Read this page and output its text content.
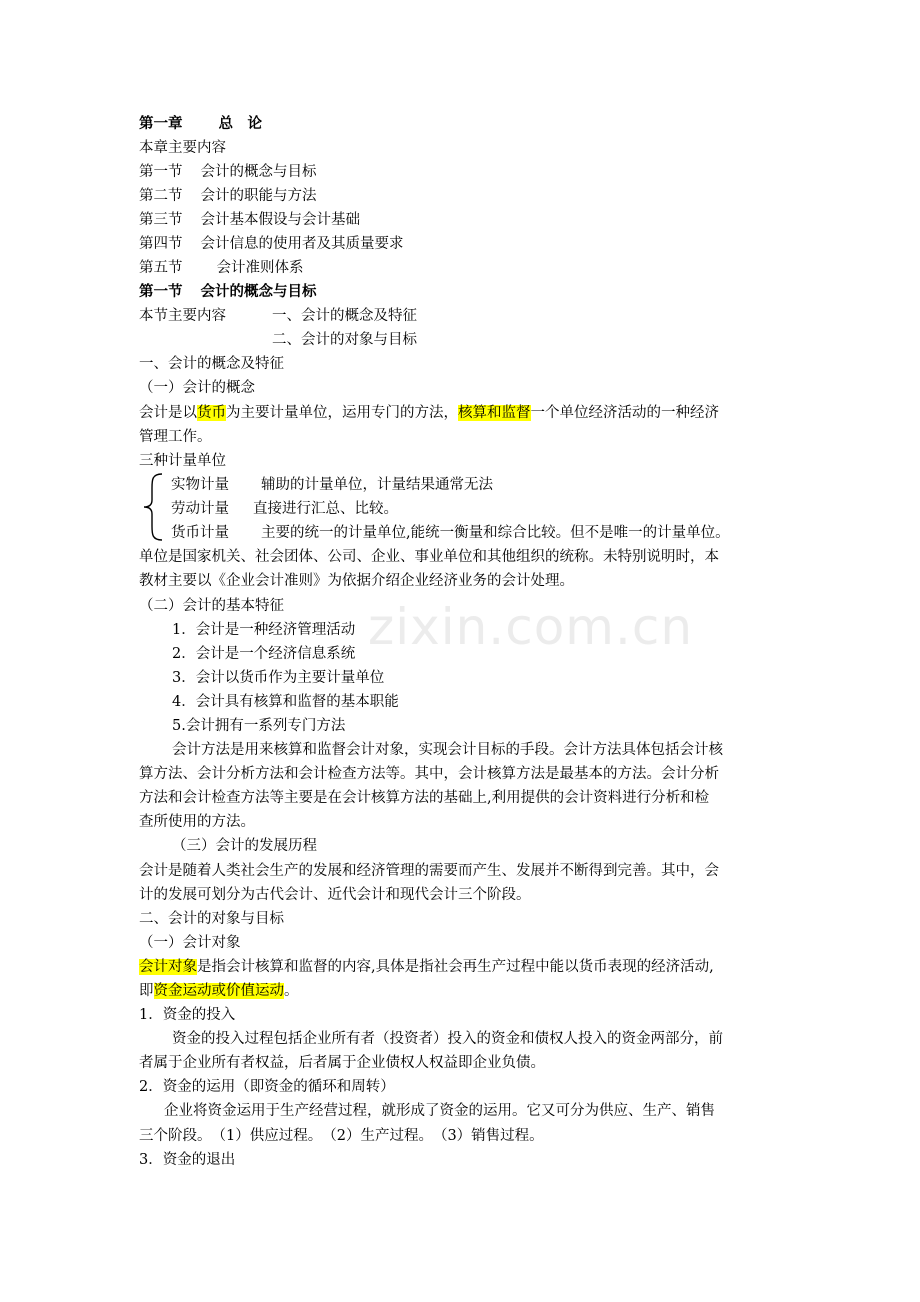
zixin.com.cn
第一章 总　论
本章主要内容
第一节 会计的概念与目标
第二节 会计的职能与方法
第三节 会计基本假设与会计基础
第四节 会计信息的使用者及其质量要求
第五节 会计准则体系
第一节 会计的概念与目标
本节主要内容	一、会计的概念及特征
二、会计的对象与目标
一、会计的概念及特征
（一）会计的概念
会计是以货币为主要计量单位，运用专门的方法，核算和监督一个单位经济活动的一种经济
管理工作。
三种计量单位
实物计量 辅助的计量单位，计量结果通常无法
劳动计量 直接进行汇总、比较。
货币计量 主要的统一的计量单位,能统一衡量和综合比较。但不是唯一的计量单位。
单位是国家机关、社会团体、公司、企业、事业单位和其他组织的统称。未特别说明时，本
教材主要以《企业会计准则》为依据介绍企业经济业务的会计处理。
（二）会计的基本特征
1．会计是一种经济管理活动
2．会计是一个经济信息系统
3．会计以货币作为主要计量单位
4．会计具有核算和监督的基本职能
5.会计拥有一系列专门方法
会计方法是用来核算和监督会计对象，实现会计目标的手段。会计方法具体包括会计核
算方法、会计分析方法和会计检查方法等。其中，会计核算方法是最基本的方法。会计分析
方法和会计检查方法等主要是在会计核算方法的基础上,利用提供的会计资料进行分析和检
查所使用的方法。
（三）会计的发展历程
会计是随着人类社会生产的发展和经济管理的需要而产生、发展并不断得到完善。其中，会
计的发展可划分为古代会计、近代会计和现代会计三个阶段。
二、会计的对象与目标
（一）会计对象
会计对象是指会计核算和监督的内容,具体是指社会再生产过程中能以货币表现的经济活动,
即资金运动或价值运动。
1．资金的投入
资金的投入过程包括企业所有者（投资者）投入的资金和债权人投入的资金两部分，前
者属于企业所有者权益，后者属于企业债权人权益即企业负债。
2．资金的运用（即资金的循环和周转）
企业将资金运用于生产经营过程，就形成了资金的运用。它又可分为供应、生产、销售
三个阶段。　（1）供应过程。　（2）生产过程。　（3）销售过程。
3．资金的退出
